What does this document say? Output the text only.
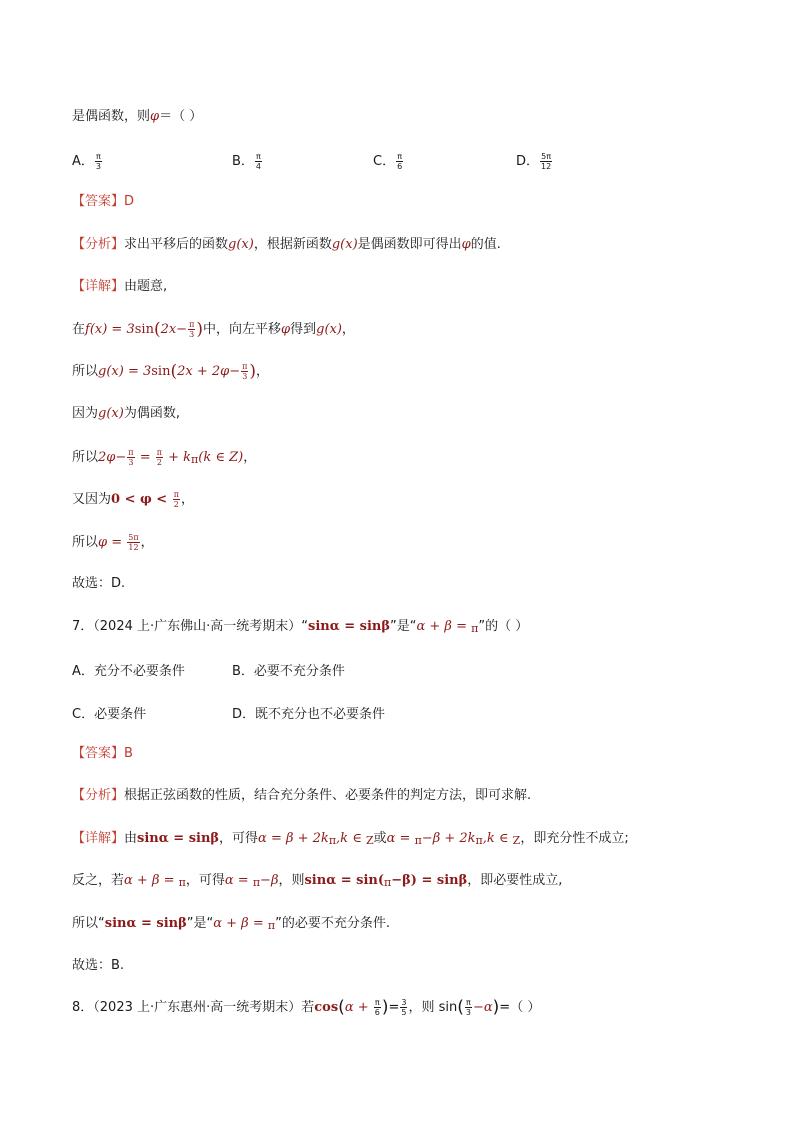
是偶函数，则φ＝（ ）
A． $\frac{\pi}{3}$	B． $\frac{\pi}{4}$	C． $\frac{\pi}{6}$	D． $\frac{5\pi}{12}$
【答案】D
【分析】求出平移后的函数g(x)，根据新函数g(x)是偶函数即可得出φ的值.
【详解】由题意,
在$f(x) = 3\sin(2x- \frac{\pi}{3}$ )中，向左平移φ得到g(x)，
所以$g(x) = 3\sin(2x + 2\varphi- \frac{\pi}{3}$ )，
因为g(x)为偶函数,
所以$2\varphi- \frac{\pi}{3} = \frac{\pi}{2} + k\pi(k$ ∈ Z)，
又因为$0 < \varphi < \frac{\pi}{2}$ ，
所以$\varphi = \frac{5\pi}{12}$ ，
故选：D.
7．（2024 上·广东佛山·高一统考期末）“sinα = sinβ”是“α + β = π”的（ ）
A．充分不必要条件	B．必要不充分条件
C．必要条件	D．既不充分也不必要条件
【答案】B
【分析】根据正弦函数的性质，结合充分条件、必要条件的判定方法，即可求解.
【详解】由sinα = sinβ，可得α = β + 2kπ,k ∈ Z或α = π−β + 2kπ,k ∈ Z，即充分性不成立;
反之，若α + β = π，可得α = π−β，则sinα = sin(π−β) = sinβ，即必要性成立,
所以“sinα = sinβ”是“α + β = π”的必要不充分条件.
故选：B.
8．（2023 上·广东惠州·高一统考期末）若$\cos(\alpha + \frac{\pi}{6}$ )= $\frac{3}{5}$ ，则 $\sin( \frac{\pi}{3} -\alpha)=$（ ）
